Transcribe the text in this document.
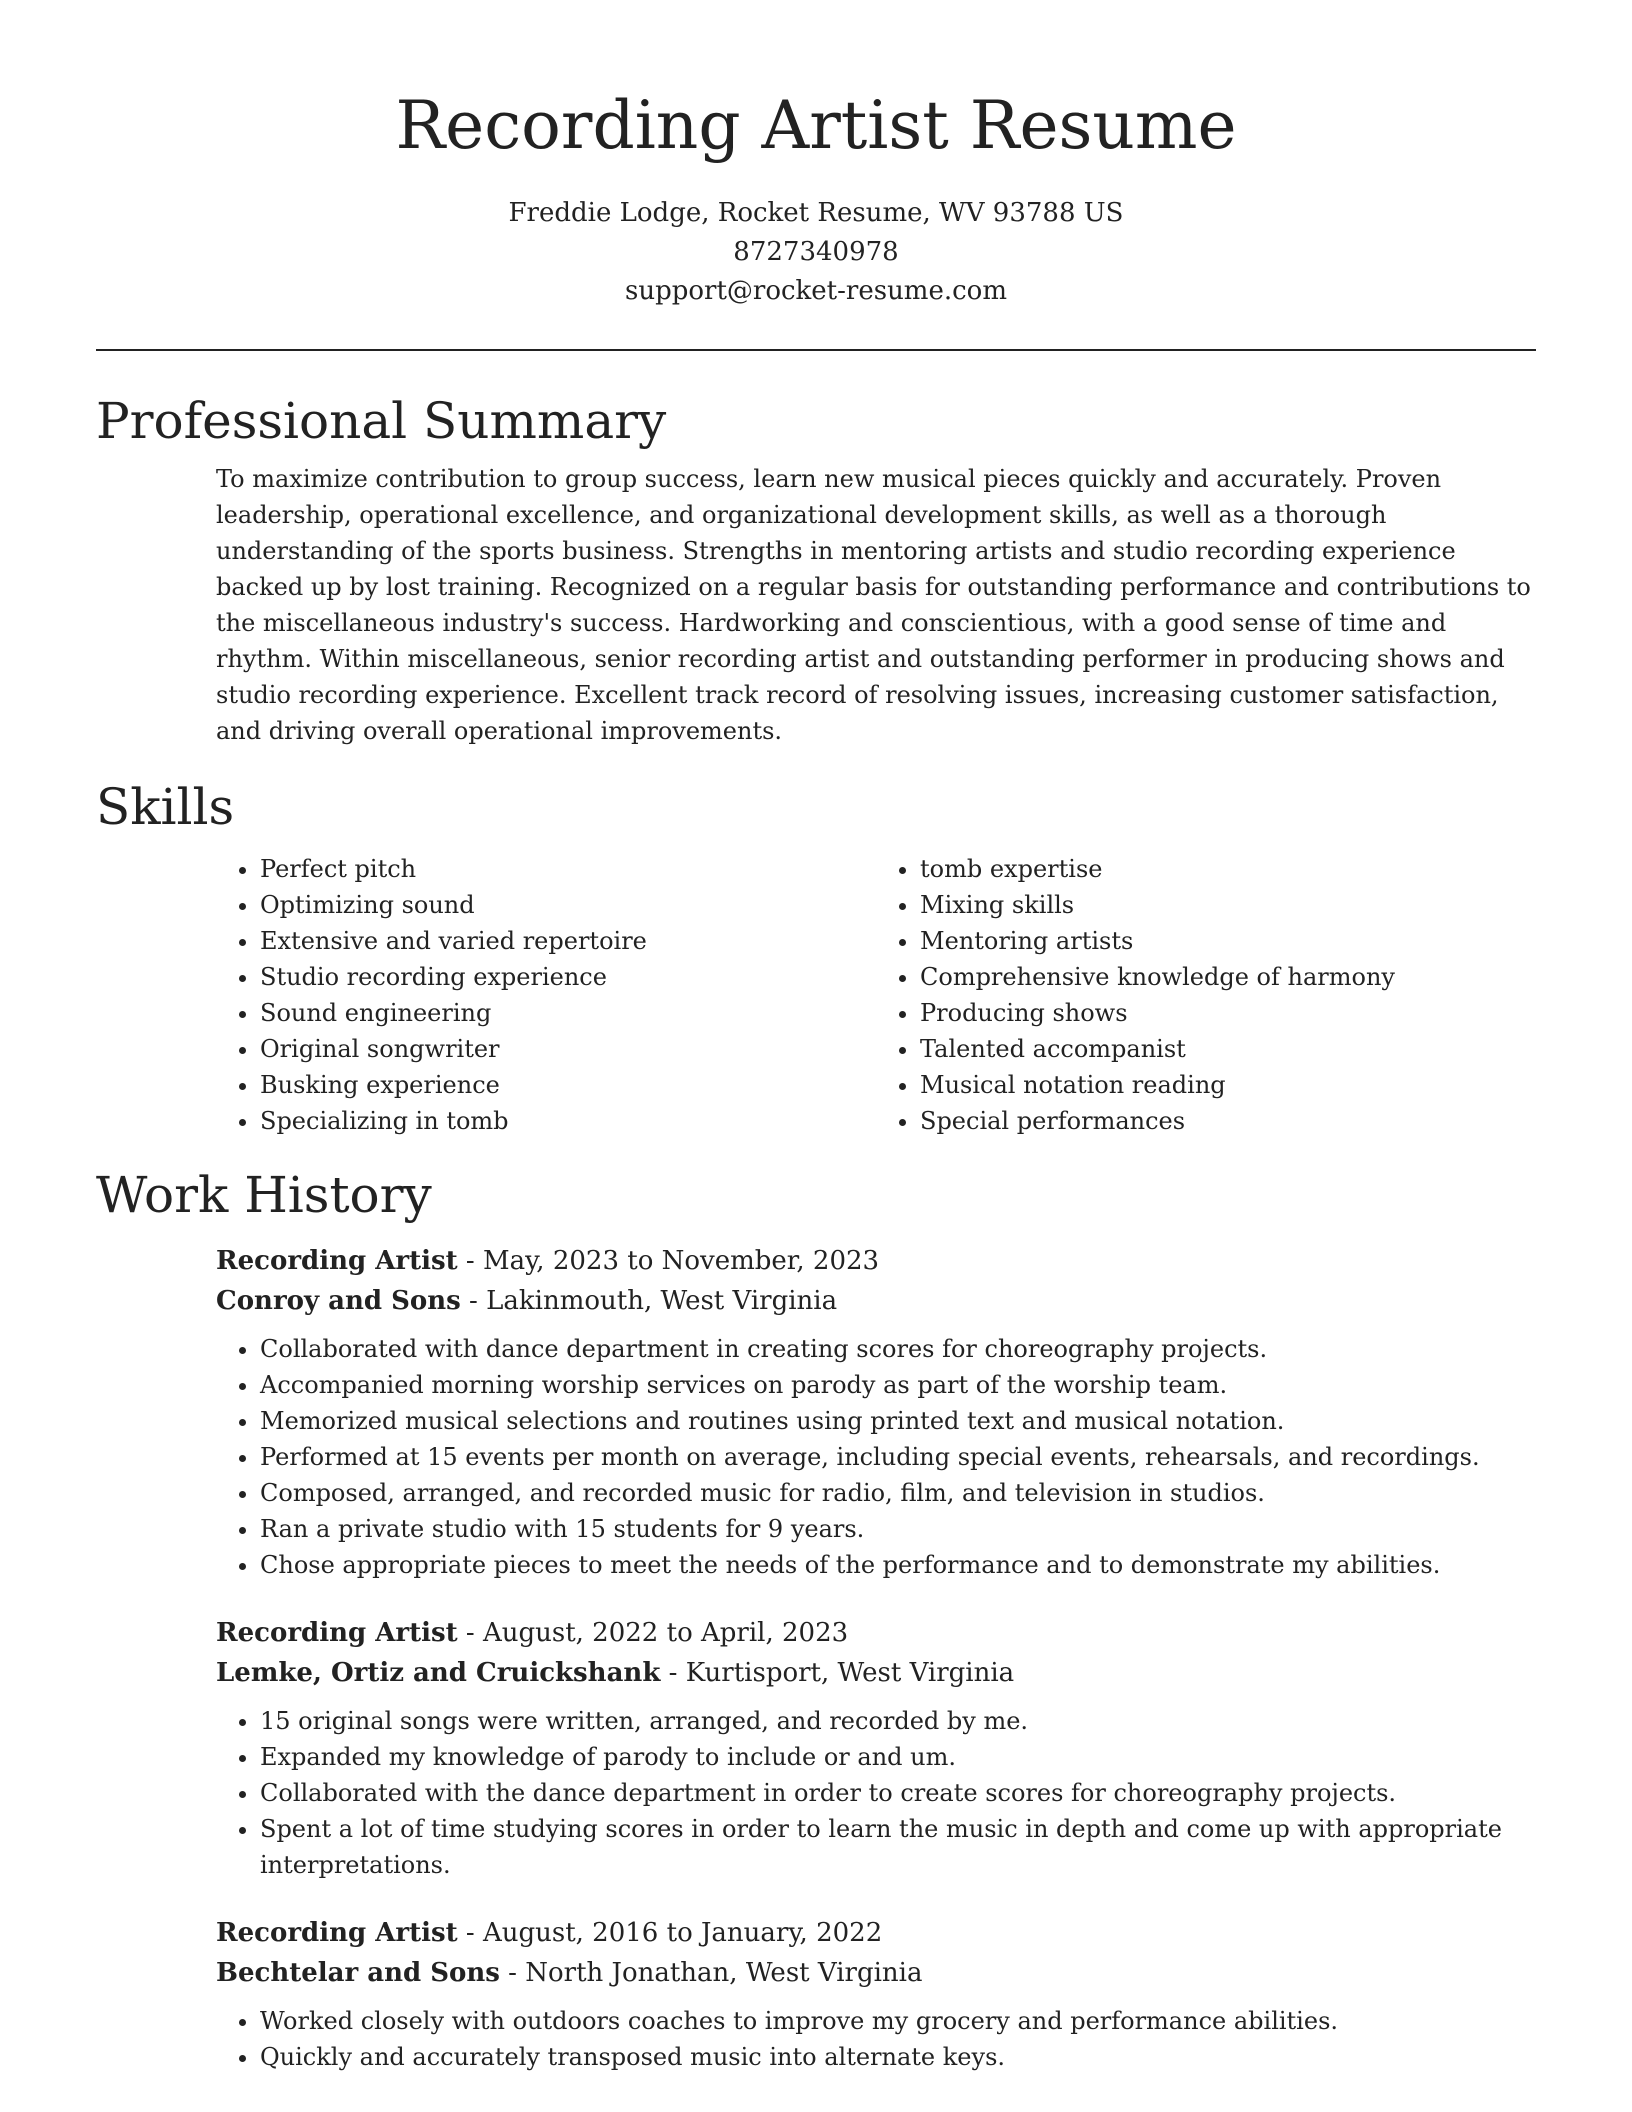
Recording Artist Resume
Freddie Lodge, Rocket Resume, WV 93788 US
8727340978
support@rocket-resume.com
Professional Summary
To maximize contribution to group success, learn new musical pieces quickly and accurately. Proven leadership, operational excellence, and organizational development skills, as well as a thorough understanding of the sports business. Strengths in mentoring artists and studio recording experience backed up by lost training. Recognized on a regular basis for outstanding performance and contributions to the miscellaneous industry's success. Hardworking and conscientious, with a good sense of time and rhythm. Within miscellaneous, senior recording artist and outstanding performer in producing shows and studio recording experience. Excellent track record of resolving issues, increasing customer satisfaction, and driving overall operational improvements.
Skills
• Perfect pitch
• Optimizing sound
• Extensive and varied repertoire
• Studio recording experience
• Sound engineering
• Original songwriter
• Busking experience
• Specializing in tomb
• tomb expertise
• Mixing skills
• Mentoring artists
• Comprehensive knowledge of harmony
• Producing shows
• Talented accompanist
• Musical notation reading
• Special performances
Work History
Recording Artist - May, 2023 to November, 2023
Conroy and Sons - Lakinmouth, West Virginia
• Collaborated with dance department in creating scores for choreography projects.
• Accompanied morning worship services on parody as part of the worship team.
• Memorized musical selections and routines using printed text and musical notation.
• Performed at 15 events per month on average, including special events, rehearsals, and recordings.
• Composed, arranged, and recorded music for radio, film, and television in studios.
• Ran a private studio with 15 students for 9 years.
• Chose appropriate pieces to meet the needs of the performance and to demonstrate my abilities.
Recording Artist - August, 2022 to April, 2023
Lemke, Ortiz and Cruickshank - Kurtisport, West Virginia
• 15 original songs were written, arranged, and recorded by me.
• Expanded my knowledge of parody to include or and um.
• Collaborated with the dance department in order to create scores for choreography projects.
• Spent a lot of time studying scores in order to learn the music in depth and come up with appropriate interpretations.
Recording Artist - August, 2016 to January, 2022
Bechtelar and Sons - North Jonathan, West Virginia
• Worked closely with outdoors coaches to improve my grocery and performance abilities.
• Quickly and accurately transposed music into alternate keys.
